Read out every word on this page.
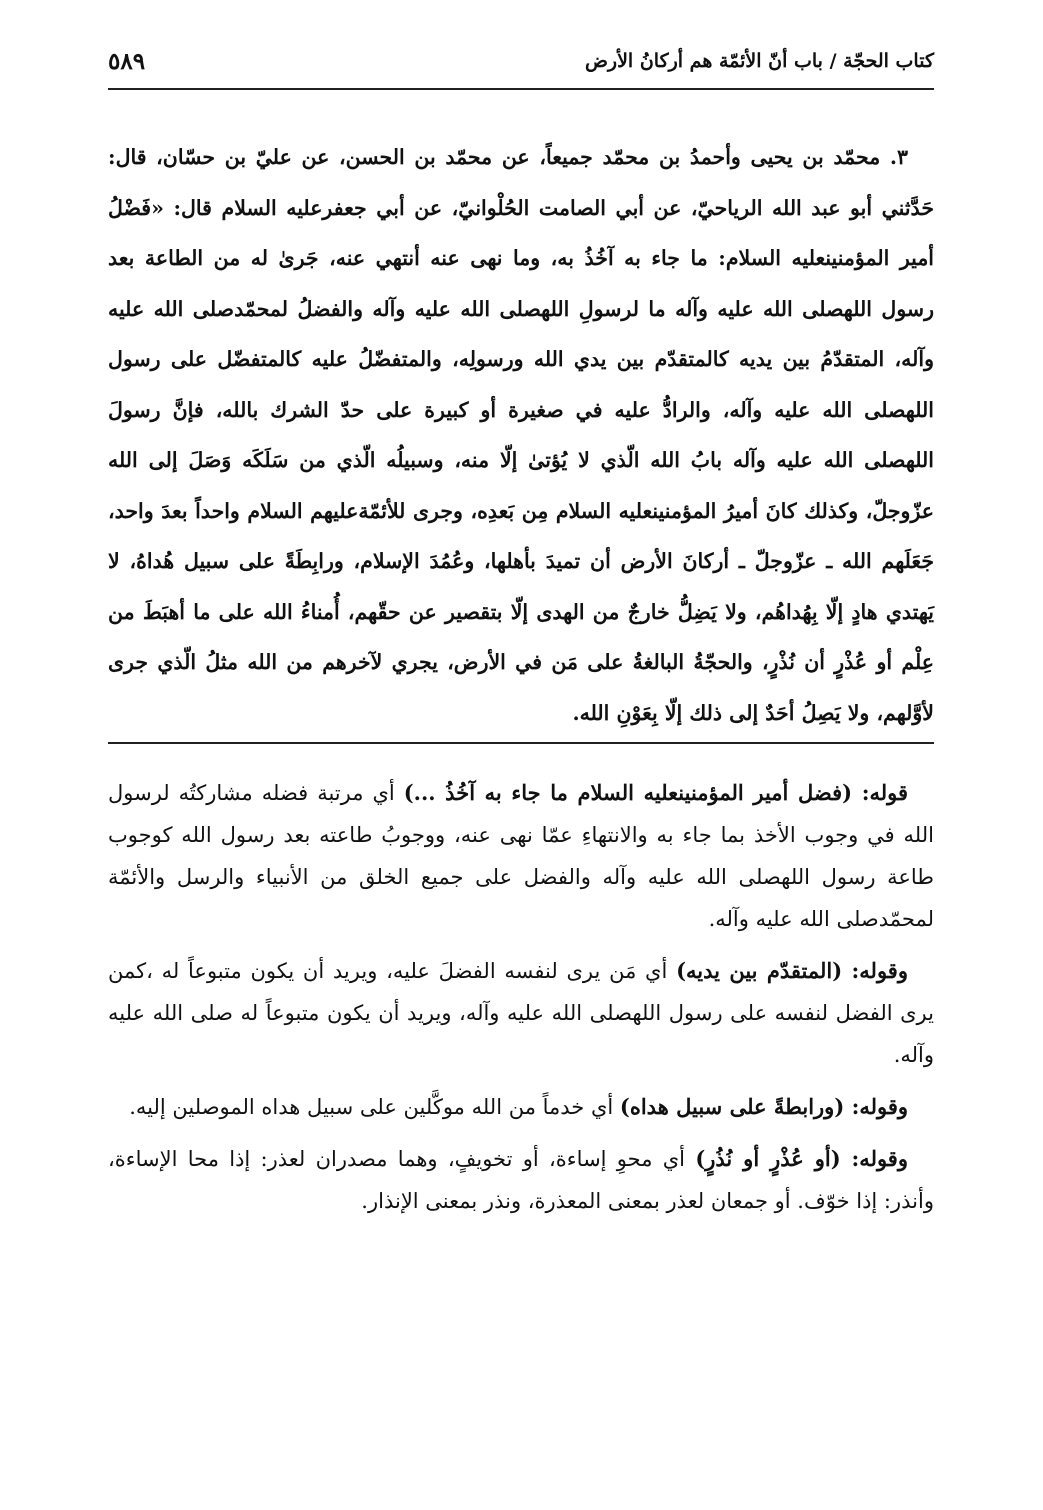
كتاب الحجّة / باب أنّ الأئمّة هم أركانُ الأرض
٥٨٩

٣. محمّد بن يحيى وأحمدُ بن محمّد جميعاً، عن محمّد بن الحسن، عن عليّ بن حسّان، قال: حَدَّثني أبو عبد الله الرياحيّ، عن أبي الصامت الحُلْوانيّ، عن أبي جعفرعليه السلام قال: «فَضْلُ أمير المؤمنينعليه السلام: ما جاء به آخُذُ به، وما نهى عنه أنتهي عنه، جَرىٰ له من الطاعة بعد رسول اللهصلى الله عليه وآله ما لرسولِ اللهصلى الله عليه وآله والفضلُ لمحمّدصلى الله عليه وآله، المتقدّمُ بين يديه كالمتقدّم بين يدي الله ورسولِه، والمتفضّلُ عليه كالمتفضّل على رسول اللهصلى الله عليه وآله، والرادُّ عليه في صغيرة أو كبيرة على حدّ الشرك بالله، فإنَّ رسولَ اللهصلى الله عليه وآله بابُ الله الّذي لا يُؤتىٰ إلّا منه، وسبيلُه الّذي من سَلَكَه وَصَلَ إلى الله عزّوجلّ، وكذلك كانَ أميرُ المؤمنينعليه السلام مِن بَعدِه، وجرى للأئمّةعليهم السلام واحداً بعدَ واحد، جَعَلَهم الله ـ عزّوجلّ ـ أركانَ الأرض أن تميدَ بأهلها، وعُمُدَ الإسلام، ورابِطَةً على سبيل هُداهُ، لا يَهتدي هادٍ إلّا بِهُداهُم، ولا يَضِلُّ خارجٌ من الهدى إلّا بتقصير عن حقّهم، أُمناءُ الله على ما أهبَطَ من عِلْم أو عُذْرٍ أن نُذْرٍ، والحجّةُ البالغةُ على مَن في الأرض، يجري لآخرهم من الله مثلُ الّذي جرى لأوَّلهم، ولا يَصِلُ أحَدٌ إلى ذلك إلّا بِعَوْنِ الله.

قوله: (فضل أمير المؤمنينعليه السلام ما جاء به آخُذُ ...) أي مرتبة فضله مشاركتُه لرسول الله في وجوب الأخذ بما جاء به والانتهاءِ عمّا نهى عنه، ووجوبُ طاعته بعد رسول الله كوجوب طاعة رسول اللهصلى الله عليه وآله والفضل على جميع الخلق من الأنبياء والرسل والأئمّة لمحمّدصلى الله عليه وآله.

وقوله: (المتقدّم بين يديه) أي مَن يرى لنفسه الفضلَ عليه، ويريد أن يكون متبوعاً له ،كمن يرى الفضل لنفسه على رسول اللهصلى الله عليه وآله، ويريد أن يكون متبوعاً له صلى الله عليه وآله.

وقوله: (ورابطةً على سبيل هداه) أي خدماً من الله موكَّلين على سبيل هداه الموصلين إليه.

وقوله: (أو عُذْرٍ أو نُذُرٍ) أي محوِ إساءة، أو تخويفٍ، وهما مصدران لعذر: إذا محا الإساءة، وأنذر: إذا خوّف. أو جمعان لعذر بمعنى المعذرة، ونذر بمعنى الإنذار.
